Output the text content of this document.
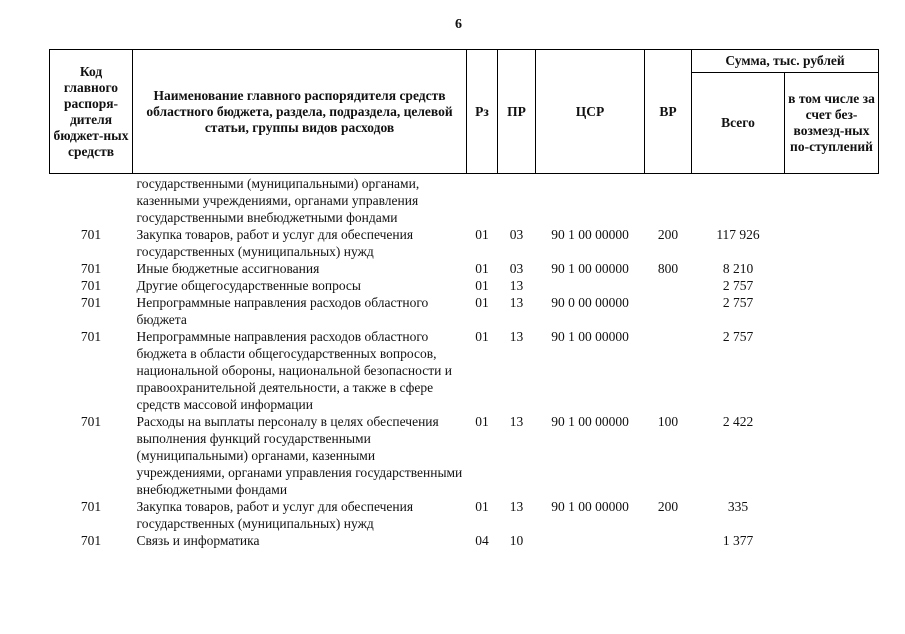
6
Код главного распоря-дителя бюджет-ных средств	Наименование главного распорядителя средств областного бюджета, раздела, подраздела, целевой статьи, группы видов расходов	Рз	ПР	ЦСР	ВР	Сумма, тыс. рублей	
						Всего	в том числе за счет без-возмезд-ных по-ступлений
	государственными (муниципальными) органами, казенными учреждениями, органами управления государственными внебюджетными фондами						
701	Закупка товаров, работ и услуг для обеспечения государственных (муниципальных) нужд	01	03	90 1 00 00000	200	117 926	
701	Иные бюджетные ассигнования	01	03	90 1 00 00000	800	8 210	
701	Другие общегосударственные вопросы	01	13			2 757	
701	Непрограммные направления расходов областного бюджета	01	13	90 0 00 00000		2 757	
701	Непрограммные направления расходов областного бюджета в области общегосударственных вопросов, национальной обороны, национальной безопасности и правоохранительной деятельности, а также в сфере средств массовой информации	01	13	90 1 00 00000		2 757	
701	Расходы на выплаты персоналу в целях обеспечения выполнения функций государственными (муниципальными) органами, казенными учреждениями, органами управления государственными внебюджетными фондами	01	13	90 1 00 00000	100	2 422	
701	Закупка товаров, работ и услуг для обеспечения государственных (муниципальных) нужд	01	13	90 1 00 00000	200	335	
701	Связь и информатика	04	10			1 377	
